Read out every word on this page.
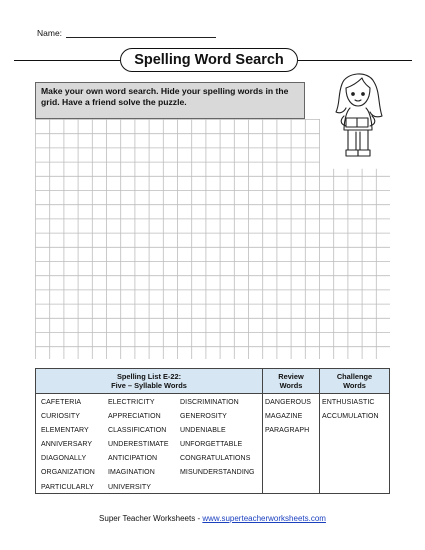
Name:
Spelling Word Search
Make your own word search. Hide your spelling words in the grid. Have a friend solve the puzzle.
Spelling List E-22:
Five – Syllable Words
Review
Words
Challenge
Words
CAFETERIA
CURIOSITY
ELEMENTARY
ANNIVERSARY
DIAGONALLY
ORGANIZATION
PARTICULARLY
ELECTRICITY
APPRECIATION
CLASSIFICATION
UNDERESTIMATE
ANTICIPATION
IMAGINATION
UNIVERSITY
DISCRIMINATION
GENEROSITY
UNDENIABLE
UNFORGETTABLE
CONGRATULATIONS
MISUNDERSTANDING
DANGEROUS
MAGAZINE
PARAGRAPH
ENTHUSIASTIC
ACCUMULATION
Super Teacher Worksheets - www.superteacherworksheets.com
